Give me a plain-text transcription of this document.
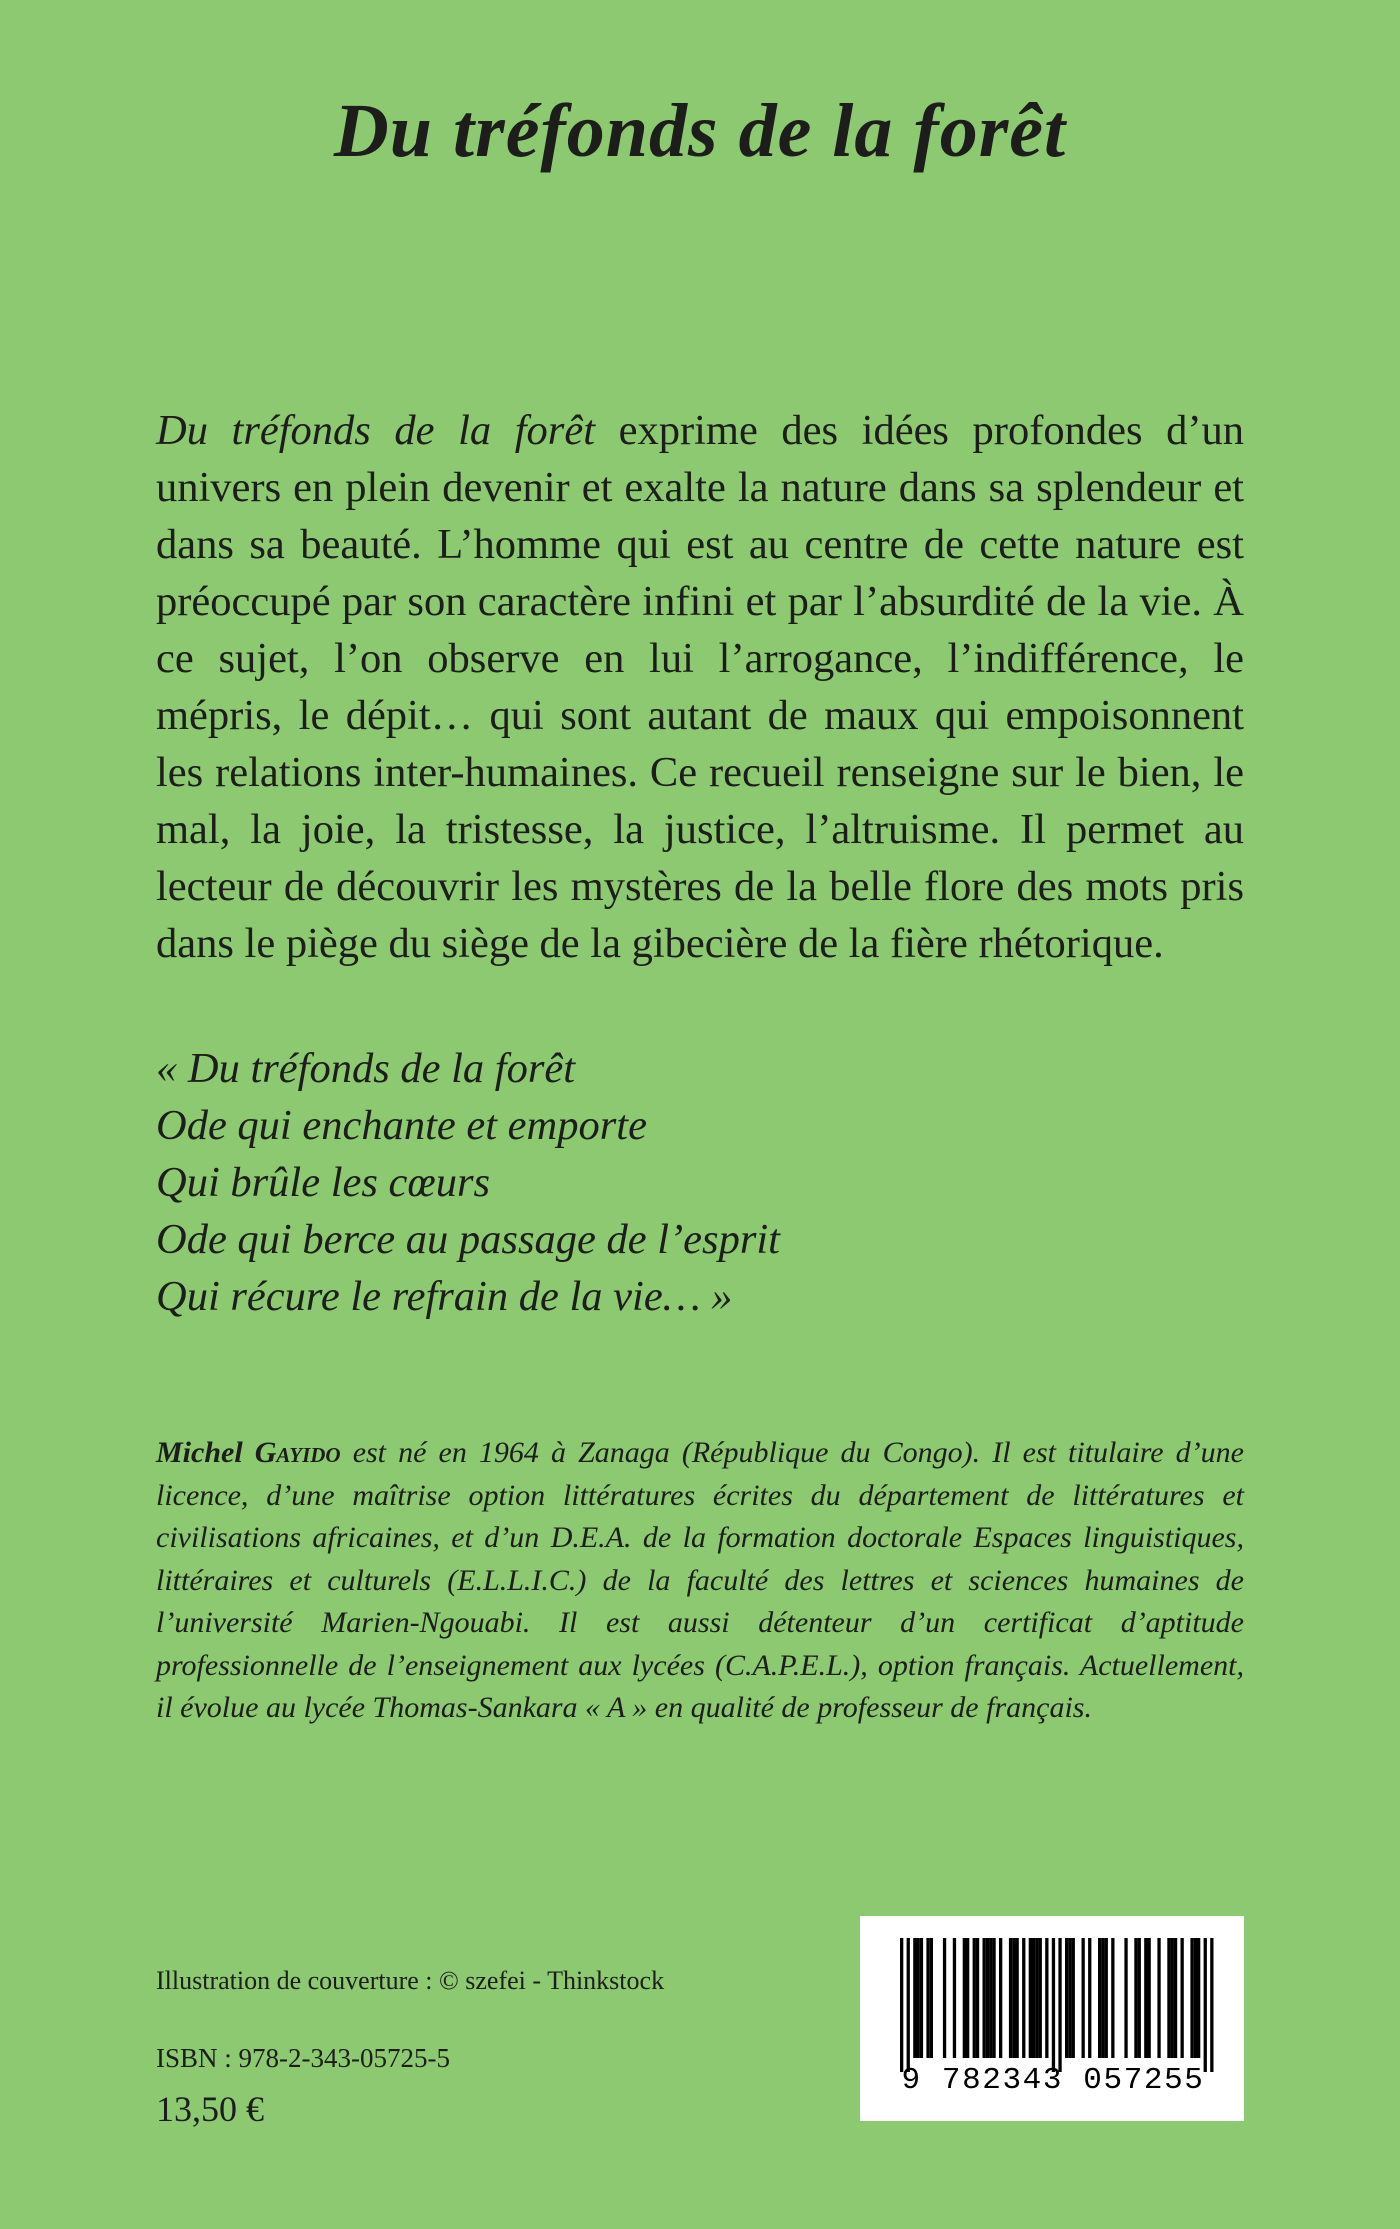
Du tréfonds de la forêt

Du tréfonds de la forêt exprime des idées profondes d’un univers en plein devenir et exalte la nature dans sa splendeur et dans sa beauté. L’homme qui est au centre de cette nature est préoccupé par son caractère infini et par l’absurdité de la vie. À ce sujet, l’on observe en lui l’arrogance, l’indifférence, le mépris, le dépit… qui sont autant de maux qui empoisonnent les relations inter-humaines. Ce recueil renseigne sur le bien, le mal, la joie, la tristesse, la justice, l’altruisme. Il permet au lecteur de découvrir les mystères de la belle flore des mots pris dans le piège du siège de la gibecière de la fière rhétorique.

« Du tréfonds de la forêt
Ode qui enchante et emporte
Qui brûle les cœurs
Ode qui berce au passage de l’esprit
Qui récure le refrain de la vie… »

Michel Gayido est né en 1964 à Zanaga (République du Congo). Il est titulaire d’une licence, d’une maîtrise option littératures écrites du département de littératures et civilisations africaines, et d’un D.E.A. de la formation doctorale Espaces linguistiques, littéraires et culturels (E.L.L.I.C.) de la faculté des lettres et sciences humaines de l’université Marien-Ngouabi. Il est aussi détenteur d’un certificat d’aptitude professionnelle de l’enseignement aux lycées (C.A.P.E.L.), option français. Actuellement, il évolue au lycée Thomas-Sankara « A » en qualité de professeur de français.

Illustration de couverture : © szefei - Thinkstock
ISBN : 978-2-343-05725-5
13,50 €
9 782343 057255
